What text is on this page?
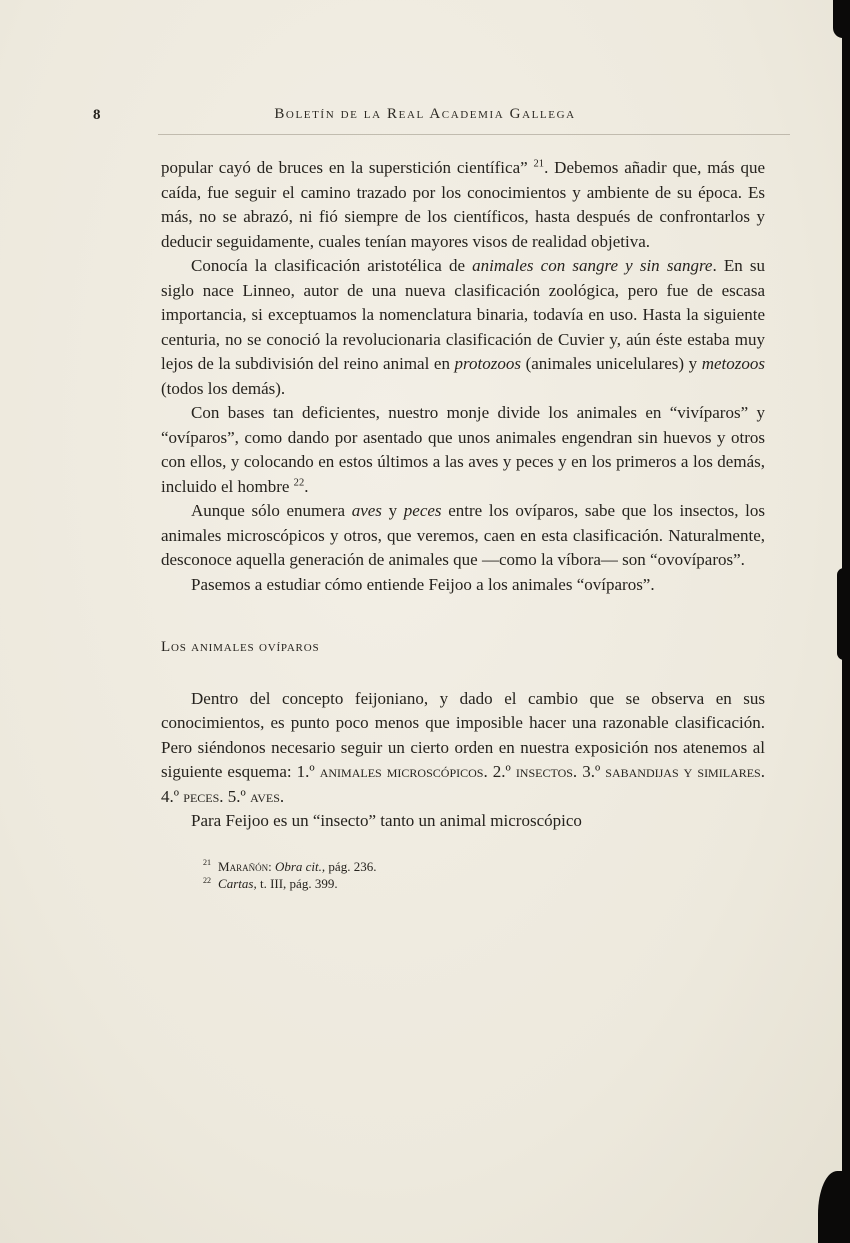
8	Boletín de la Real Academia Gallega

popular cayó de bruces en la superstición científica” $^{21}$. Debemos añadir que, más que caída, fue seguir el camino trazado por los conocimientos y ambiente de su época. Es más, no se abrazó, ni fió siempre de los científicos, hasta después de confrontarlos y deducir seguidamente, cuales tenían mayores visos de realidad objetiva.

Conocía la clasificación aristotélica de animales con sangre y sin sangre. En su siglo nace Linneo, autor de una nueva clasificación zoológica, pero fue de escasa importancia, si exceptuamos la nomenclatura binaria, todavía en uso. Hasta la siguiente centuria, no se conoció la revolucionaria clasificación de Cuvier y, aún éste estaba muy lejos de la subdivisión del reino animal en protozoos (animales unicelulares) y metozoos (todos los demás).

Con bases tan deficientes, nuestro monje divide los animales en “vivíparos” y “ovíparos”, como dando por asentado que unos animales engendran sin huevos y otros con ellos, y colocando en estos últimos a las aves y peces y en los primeros a los demás, incluido el hombre $^{22}$.

Aunque sólo enumera aves y peces entre los ovíparos, sabe que los insectos, los animales microscópicos y otros, que veremos, caen en esta clasificación. Naturalmente, desconoce aquella generación de animales que —como la víbora— son “ovovíparos”.

Pasemos a estudiar cómo entiende Feijoo a los animales “ovíparos”.

Los animales ovíparos

Dentro del concepto feijoniano, y dado el cambio que se observa en sus conocimientos, es punto poco menos que imposible hacer una razonable clasificación. Pero siéndonos necesario seguir un cierto orden en nuestra exposición nos atenemos al siguiente esquema: 1.º animales microscópicos. 2.º insectos. 3.º sabandijas y similares. 4.º peces. 5.º aves.

Para Feijoo es un “insecto” tanto un animal microscópico

$^{21}$ Marañón: Obra cit., pág. 236.

$^{22}$ Cartas, t. III, pág. 399.
